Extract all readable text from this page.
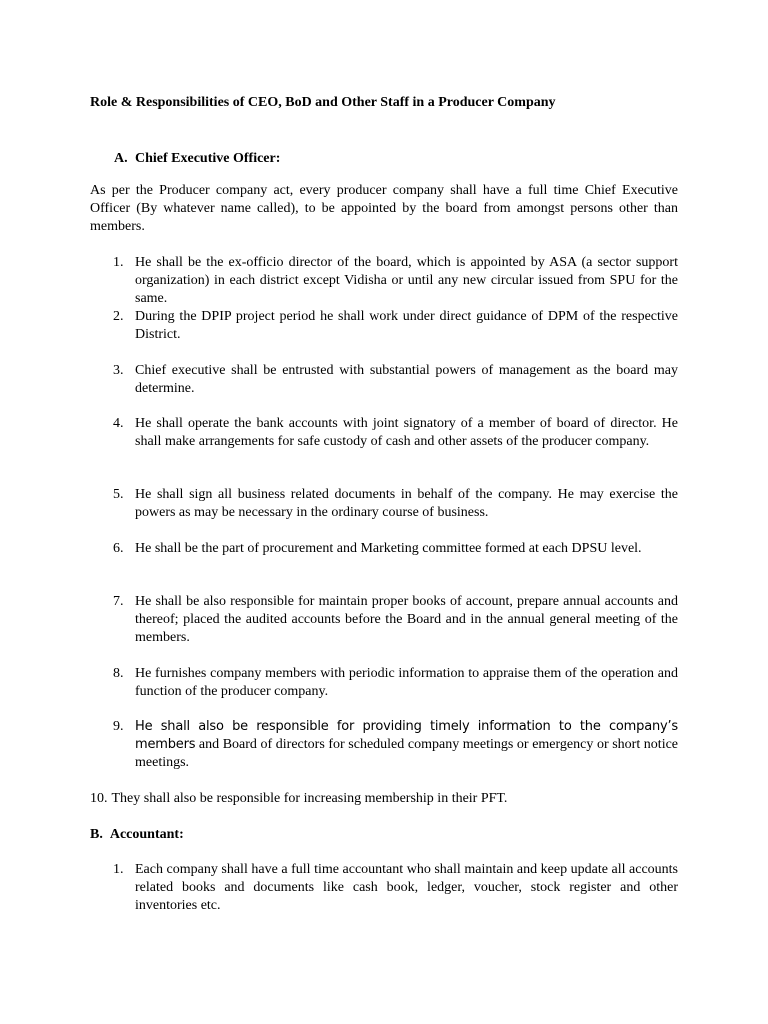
Role & Responsibilities of CEO, BoD and Other Staff in a Producer Company

A. Chief Executive Officer:

As per the Producer company act, every producer company shall have a full time Chief Executive Officer (By whatever name called), to be appointed by the board from amongst persons other than members.

1. He shall be the ex-officio director of the board, which is appointed by ASA (a sector support organization) in each district except Vidisha or until any new circular issued from SPU for the same.
2. During the DPIP project period he shall work under direct guidance of DPM of the respective District.
3. Chief executive shall be entrusted with substantial powers of management as the board may determine.
4. He shall operate the bank accounts with joint signatory of a member of board of director. He shall make arrangements for safe custody of cash and other assets of the producer company.
5. He shall sign all business related documents in behalf of the company. He may exercise the powers as may be necessary in the ordinary course of business.
6. He shall be the part of procurement and Marketing committee formed at each DPSU level.
7. He shall be also responsible for maintain proper books of account, prepare annual accounts and thereof; placed the audited accounts before the Board and in the annual general meeting of the members.
8. He furnishes company members with periodic information to appraise them of the operation and function of the producer company.
9. He shall also be responsible for providing timely information to the company’s members and Board of directors for scheduled company meetings or emergency or short notice meetings.
10. They shall also be responsible for increasing membership in their PFT.

B. Accountant:

1. Each company shall have a full time accountant who shall maintain and keep update all accounts related books and documents like cash book, ledger, voucher, stock register and other inventories etc.
